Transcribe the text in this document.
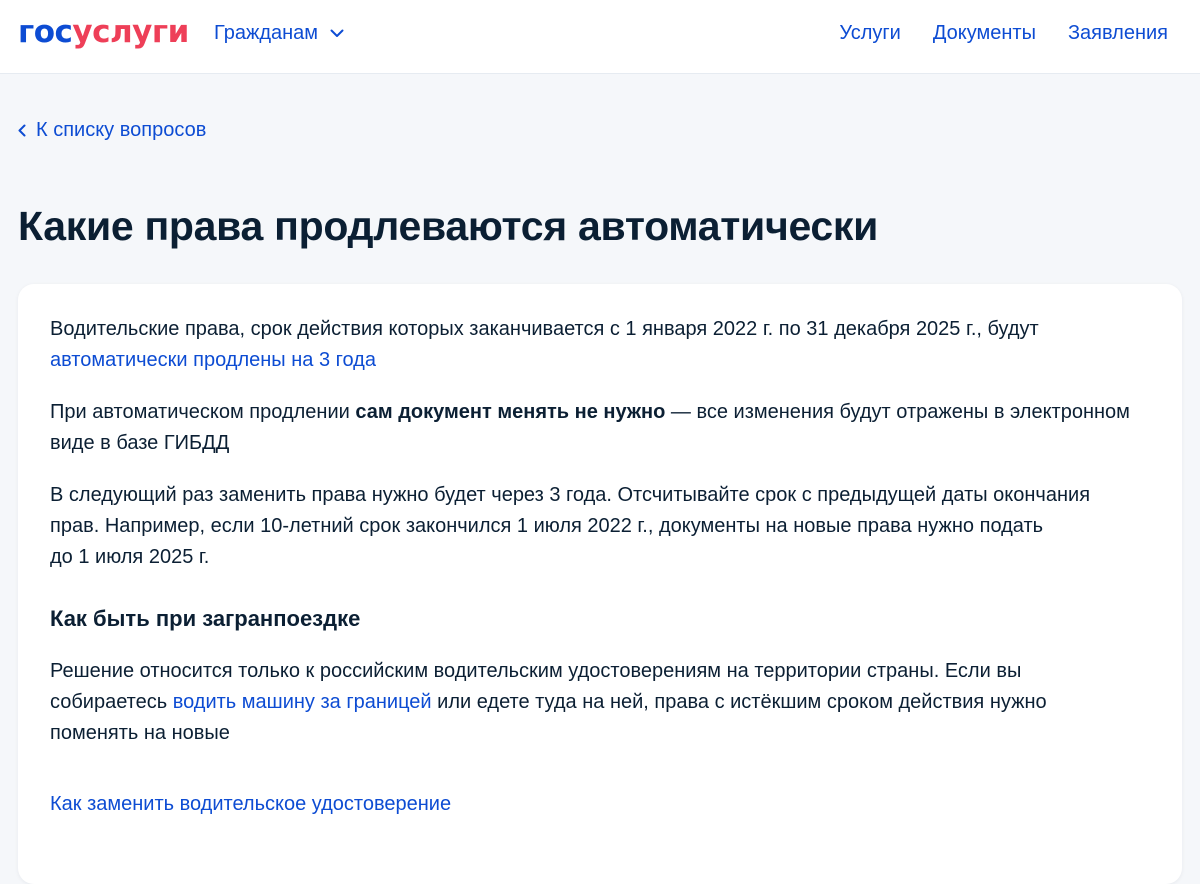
госуслуги Гражданам	Услуги Документы Заявления
К списку вопросов
Какие права продлеваются автоматически

Водительские права, срок действия которых заканчивается с 1 января 2022 г. по 31 декабря 2025 г., будут
автоматически продлены на 3 года

При автоматическом продлении сам документ менять не нужно — все изменения будут отражены в электронном виде в базе ГИБДД

В следующий раз заменить права нужно будет через 3 года. Отсчитывайте срок с предыдущей даты окончания
прав. Например, если 10-летний срок закончился 1 июля 2022 г., документы на новые права нужно подать
до 1 июля 2025 г.

Как быть при загранпоездке

Решение относится только к российским водительским удостоверениям на территории страны. Если вы
собираетесь водить машину за границей или едете туда на ней, права с истёкшим сроком действия нужно
поменять на новые

Как заменить водительское удостоверение
